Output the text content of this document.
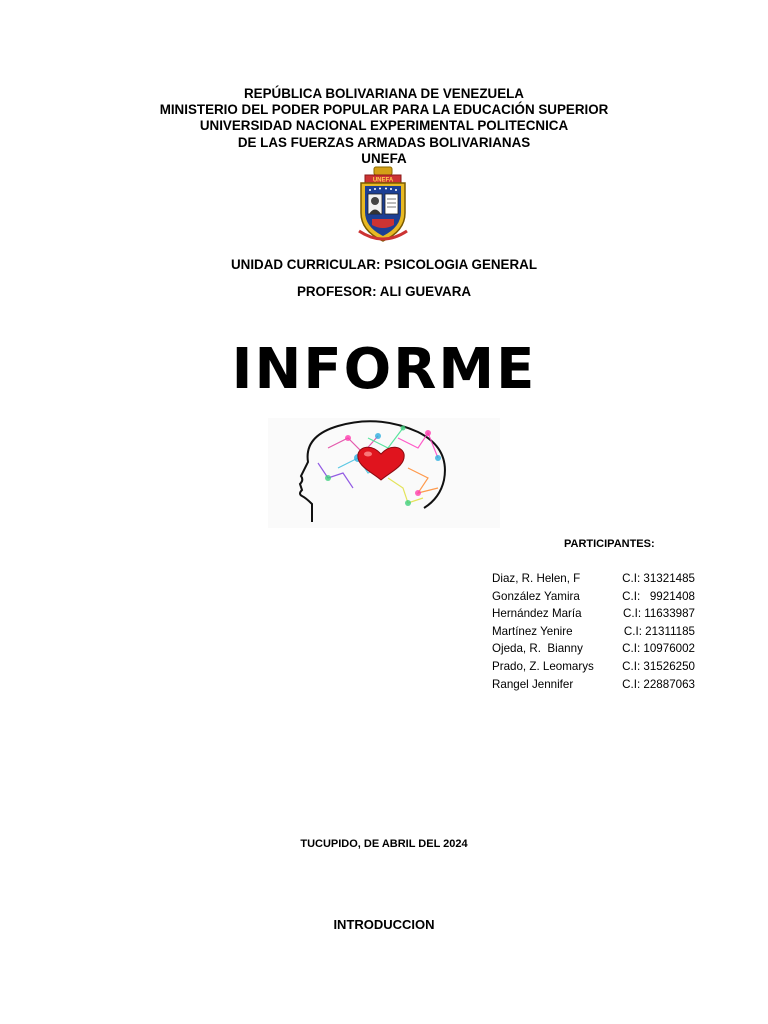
REPÚBLICA BOLIVARIANA DE VENEZUELA
MINISTERIO DEL PODER POPULAR PARA LA EDUCACIÓN SUPERIOR
UNIVERSIDAD NACIONAL EXPERIMENTAL POLITECNICA
DE LAS FUERZAS ARMADAS BOLIVARIANAS
UNEFA
UNEFA
UNIDAD CURRICULAR: PSICOLOGIA GENERAL
PROFESOR: ALI GUEVARA
INFORME
PARTICIPANTES:
Diaz, R. Helen, F	C.I: 31321485
González Yamira	C.I:   9921408
Hernández María	C.I: 11633987
Martínez Yenire	C.I: 21311185
Ojeda, R.  Bianny	C.I: 10976002
Prado, Z. Leomarys	C.I: 31526250
Rangel Jennifer	C.I: 22887063
TUCUPIDO, DE ABRIL DEL 2024
INTRODUCCION
